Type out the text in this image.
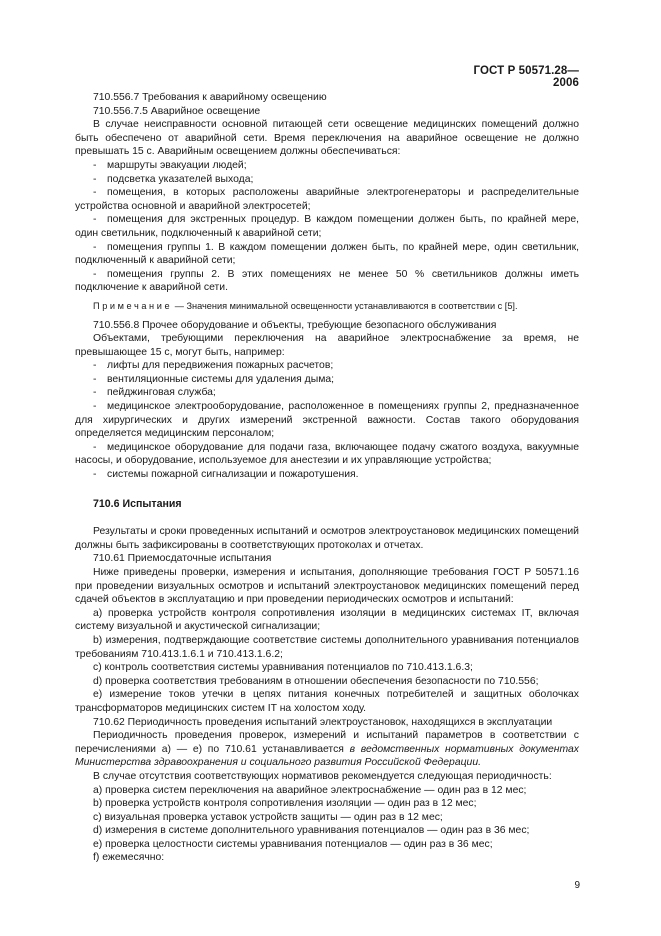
ГОСТ Р 50571.28—2006
710.556.7 Требования к аварийному освещению
710.556.7.5 Аварийное освещение
В случае неисправности основной питающей сети освещение медицинских помещений должно быть обеспечено от аварийной сети. Время переключения на аварийное освещение не должно превышать 15 с. Аварийным освещением должны обеспечиваться:
- маршруты эвакуации людей;
- подсветка указателей выхода;
- помещения, в которых расположены аварийные электрогенераторы и распределительные устройства основной и аварийной электросетей;
- помещения для экстренных процедур. В каждом помещении должен быть, по крайней мере, один светильник, подключенный к аварийной сети;
- помещения группы 1. В каждом помещении должен быть, по крайней мере, один светильник, подключенный к аварийной сети;
- помещения группы 2. В этих помещениях не менее 50 % светильников должны иметь подключение к аварийной сети.
Примечание — Значения минимальной освещенности устанавливаются в соответствии с [5].
710.556.8 Прочее оборудование и объекты, требующие безопасного обслуживания
Объектами, требующими переключения на аварийное электроснабжение за время, не превышающее 15 с, могут быть, например:
- лифты для передвижения пожарных расчетов;
- вентиляционные системы для удаления дыма;
- пейджинговая служба;
- медицинское электрооборудование, расположенное в помещениях группы 2, предназначенное для хирургических и других измерений экстренной важности. Состав такого оборудования определяется медицинским персоналом;
- медицинское оборудование для подачи газа, включающее подачу сжатого воздуха, вакуумные насосы, и оборудование, используемое для анестезии и их управляющие устройства;
- системы пожарной сигнализации и пожаротушения.
710.6 Испытания
Результаты и сроки проведенных испытаний и осмотров электроустановок медицинских помещений должны быть зафиксированы в соответствующих протоколах и отчетах.
710.61 Приемосдаточные испытания
Ниже приведены проверки, измерения и испытания, дополняющие требования ГОСТ Р 50571.16 при проведении визуальных осмотров и испытаний электроустановок медицинских помещений перед сдачей объектов в эксплуатацию и при проведении периодических осмотров и испытаний:
a) проверка устройств контроля сопротивления изоляции в медицинских системах IT, включая систему визуальной и акустической сигнализации;
b) измерения, подтверждающие соответствие системы дополнительного уравнивания потенциалов требованиям 710.413.1.6.1 и 710.413.1.6.2;
c) контроль соответствия системы уравнивания потенциалов по 710.413.1.6.3;
d) проверка соответствия требованиям в отношении обеспечения безопасности по 710.556;
e) измерение токов утечки в цепях питания конечных потребителей и защитных оболочках трансформаторов медицинских систем IT на холостом ходу.
710.62 Периодичность проведения испытаний электроустановок, находящихся в эксплуатации
Периодичность проведения проверок, измерений и испытаний параметров в соответствии с перечислениями а) — е) по 710.61 устанавливается в ведомственных нормативных документах Министерства здравоохранения и социального развития Российской Федерации.
В случае отсутствия соответствующих нормативов рекомендуется следующая периодичность:
a) проверка систем переключения на аварийное электроснабжение — один раз в 12 мес;
b) проверка устройств контроля сопротивления изоляции — один раз в 12 мес;
c) визуальная проверка уставок устройств защиты — один раз в 12 мес;
d) измерения в системе дополнительного уравнивания потенциалов — один раз в 36 мес;
e) проверка целостности системы уравнивания потенциалов — один раз в 36 мес;
f) ежемесячно:
9
